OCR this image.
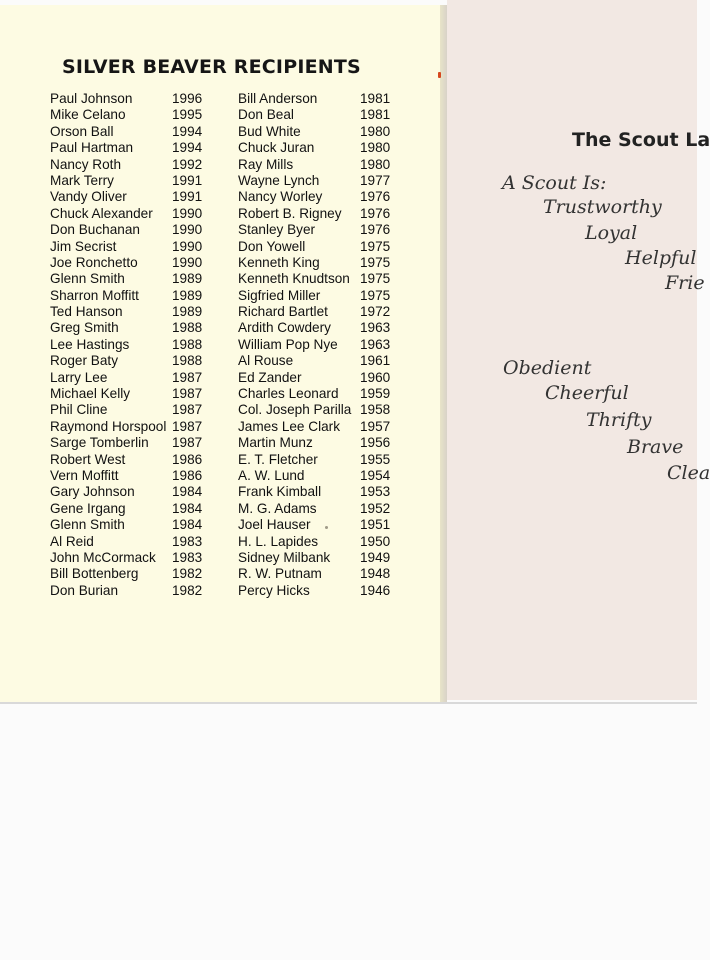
SILVER BEAVER RECIPIENTS
Paul Johnson	1996
Mike Celano	1995
Orson Ball	1994
Paul Hartman	1994
Nancy Roth	1992
Mark Terry	1991
Vandy Oliver	1991
Chuck Alexander 1990
Don Buchanan 1990
Jim Secrist	1990
Joe Ronchetto	1990
Glenn Smith	1989
Sharron Moffitt 1989
Ted Hanson	1989
Greg Smith	1988
Lee Hastings	1988
Roger Baty	1988
Larry Lee	1987
Michael Kelly	1987
Phil Cline	1987
Raymond Horspool 1987
Sarge Tomberlin 1987
Robert West	1986
Vern Moffitt	1986
Gary Johnson	1984
Gene Irgang	1984
Glenn Smith	1984
Al Reid	1983
John McCormack 1983
Bill Bottenberg 1982
Don Burian	1982
Bill Anderson	1981
Don Beal	1981
Bud White	1980
Chuck Juran	1980
Ray Mills	1980
Wayne Lynch	1977
Nancy Worley	1976
Robert B. Rigney 1976
Stanley Byer	1976
Don Yowell	1975
Kenneth King	1975
Kenneth Knudtson 1975
Sigfried Miller	1975
Richard Bartlet 1972
Ardith Cowdery 1963
William Pop Nye 1963
Al Rouse	1961
Ed Zander	1960
Charles Leonard 1959
Col. Joseph Parilla 1958
James Lee Clark 1957
Martin Munz	1956
E. T. Fletcher	1955
A. W. Lund	1954
Frank Kimball	1953
M. G. Adams	1952
Joel Hauser	1951
H. L. Lapides	1950
Sidney Milbank 1949
R. W. Putnam	1948
Percy Hicks	1946
The Scout La
A Scout Is:
Trustworthy
Loyal
Helpful
Frie
Obedient
Cheerful
Thrifty
Brave
Clea
